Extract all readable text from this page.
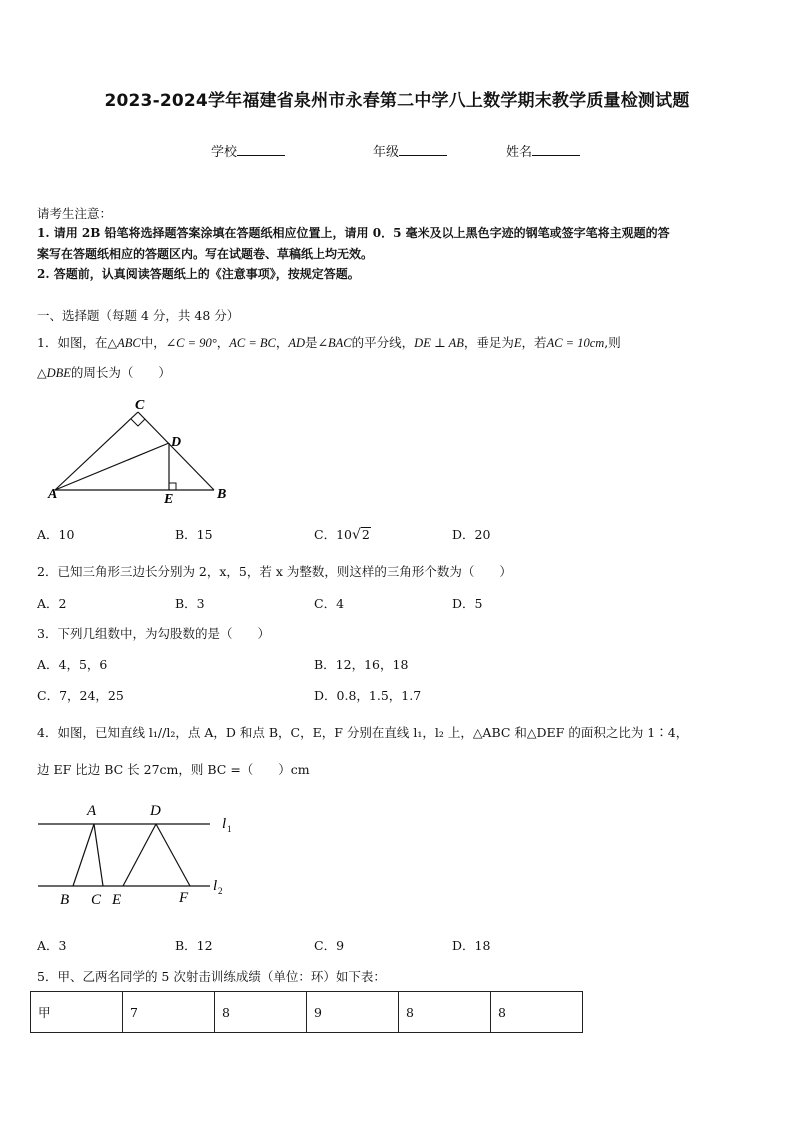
2023-2024学年福建省泉州市永春第二中学八上数学期末教学质量检测试题
学校	年级	姓名
请考生注意：
1. 请用 2B 铅笔将选择题答案涂填在答题纸相应位置上，请用 0．5 毫米及以上黑色字迹的钢笔或签字笔将主观题的答
案写在答题纸相应的答题区内。写在试题卷、草稿纸上均无效。
2. 答题前，认真阅读答题纸上的《注意事项》，按规定答题。
一、选择题（每题 4 分，共 48 分）
1．如图，在△ABC中，∠C = 90°，AC = BC，AD是∠BAC的平分线，DE ⊥ AB，垂足为E，若AC = 10cm,则
△DBE的周长为（　　）
C
D
A	E	B
A．10	B．15	C．10√2	D．20
2．已知三角形三边长分别为 2，x，5，若 x 为整数，则这样的三角形个数为（　　）
A．2	B．3	C．4	D．5
3．下列几组数中，为勾股数的是（　　）
A．4，5，6	B．12，16，18
C．7，24，25	D．0.8，1.5，1.7
4．如图，已知直线 l₁//l₂，点 A，D 和点 B，C，E，F 分别在直线 l₁，l₂ 上，△ABC 和△DEF 的面积之比为 1∶4，
边 EF 比边 BC 长 27cm，则 BC =（　　）cm
A	D
B C E	F
l 1
l 2
A．3	B．12	C．9	D．18
5．甲、乙两名同学的 5 次射击训练成绩（单位：环）如下表：
甲	7	8	9	8	8
